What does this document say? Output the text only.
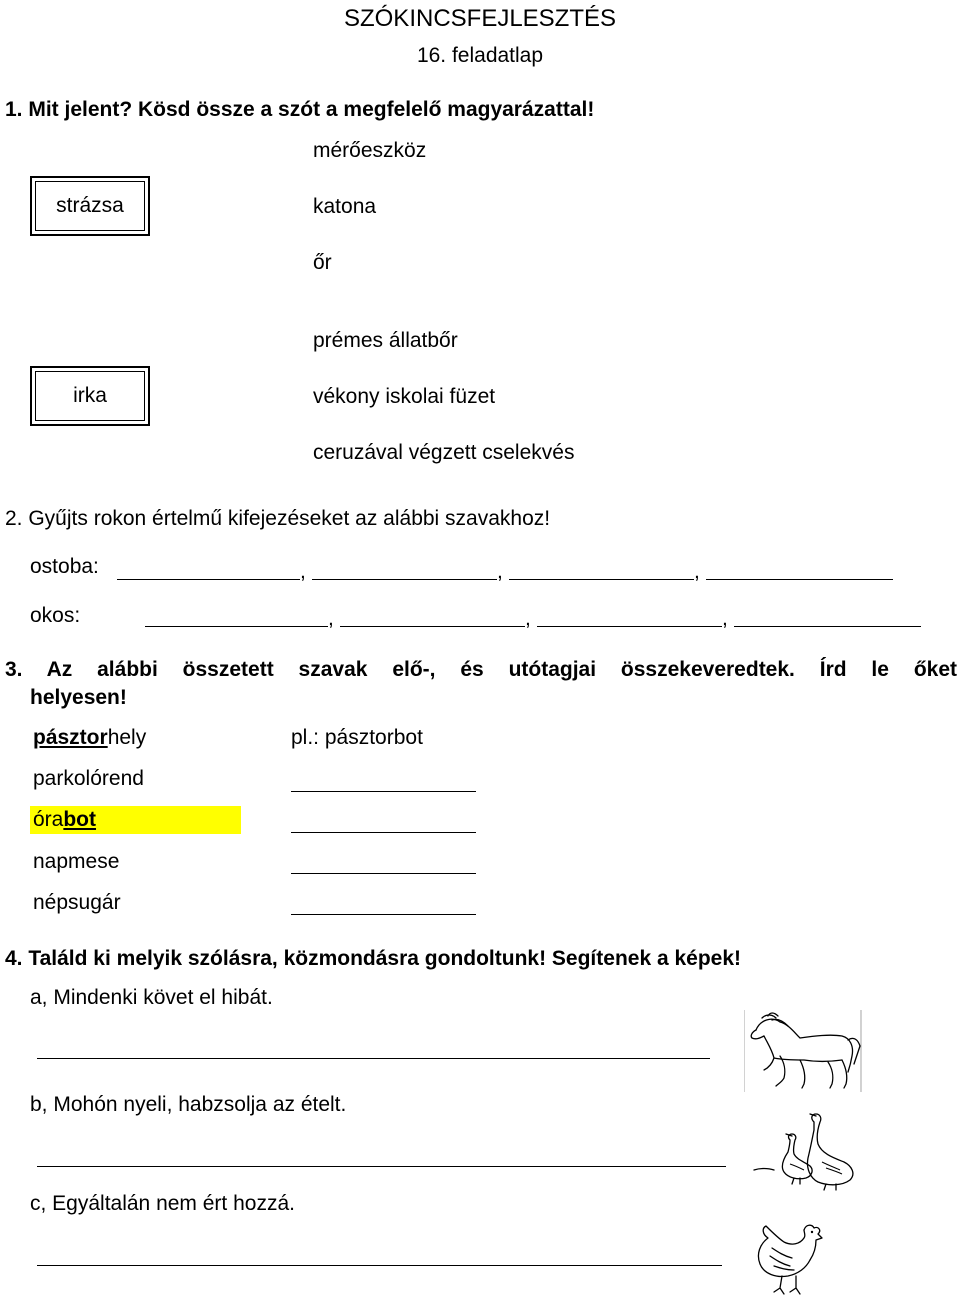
SZÓKINCSFEJLESZTÉS
16. feladatlap
1. Mit jelent? Kösd össze a szót a megfelelő magyarázattal!
strázsa
mérőeszköz
katona
őr
irka
prémes állatbőr
vékony iskolai füzet
ceruzával végzett cselekvés
2. Gyűjts rokon értelmű kifejezéseket az alábbi szavakhoz!
ostoba:	,	,	,
okos:	,	,	,
3. Az alábbi összetett szavak elő-, és utótagjai összekeveredtek. Írd le őket
helyesen!
pásztorhely
parkolórend
órabot
napmese
népsugár
pl.: pásztorbot
4. Találd ki melyik szólásra, közmondásra gondoltunk! Segítenek a képek!
a, Mindenki követ el hibát.
b, Mohón nyeli, habzsolja az ételt.
c, Egyáltalán nem ért hozzá.
